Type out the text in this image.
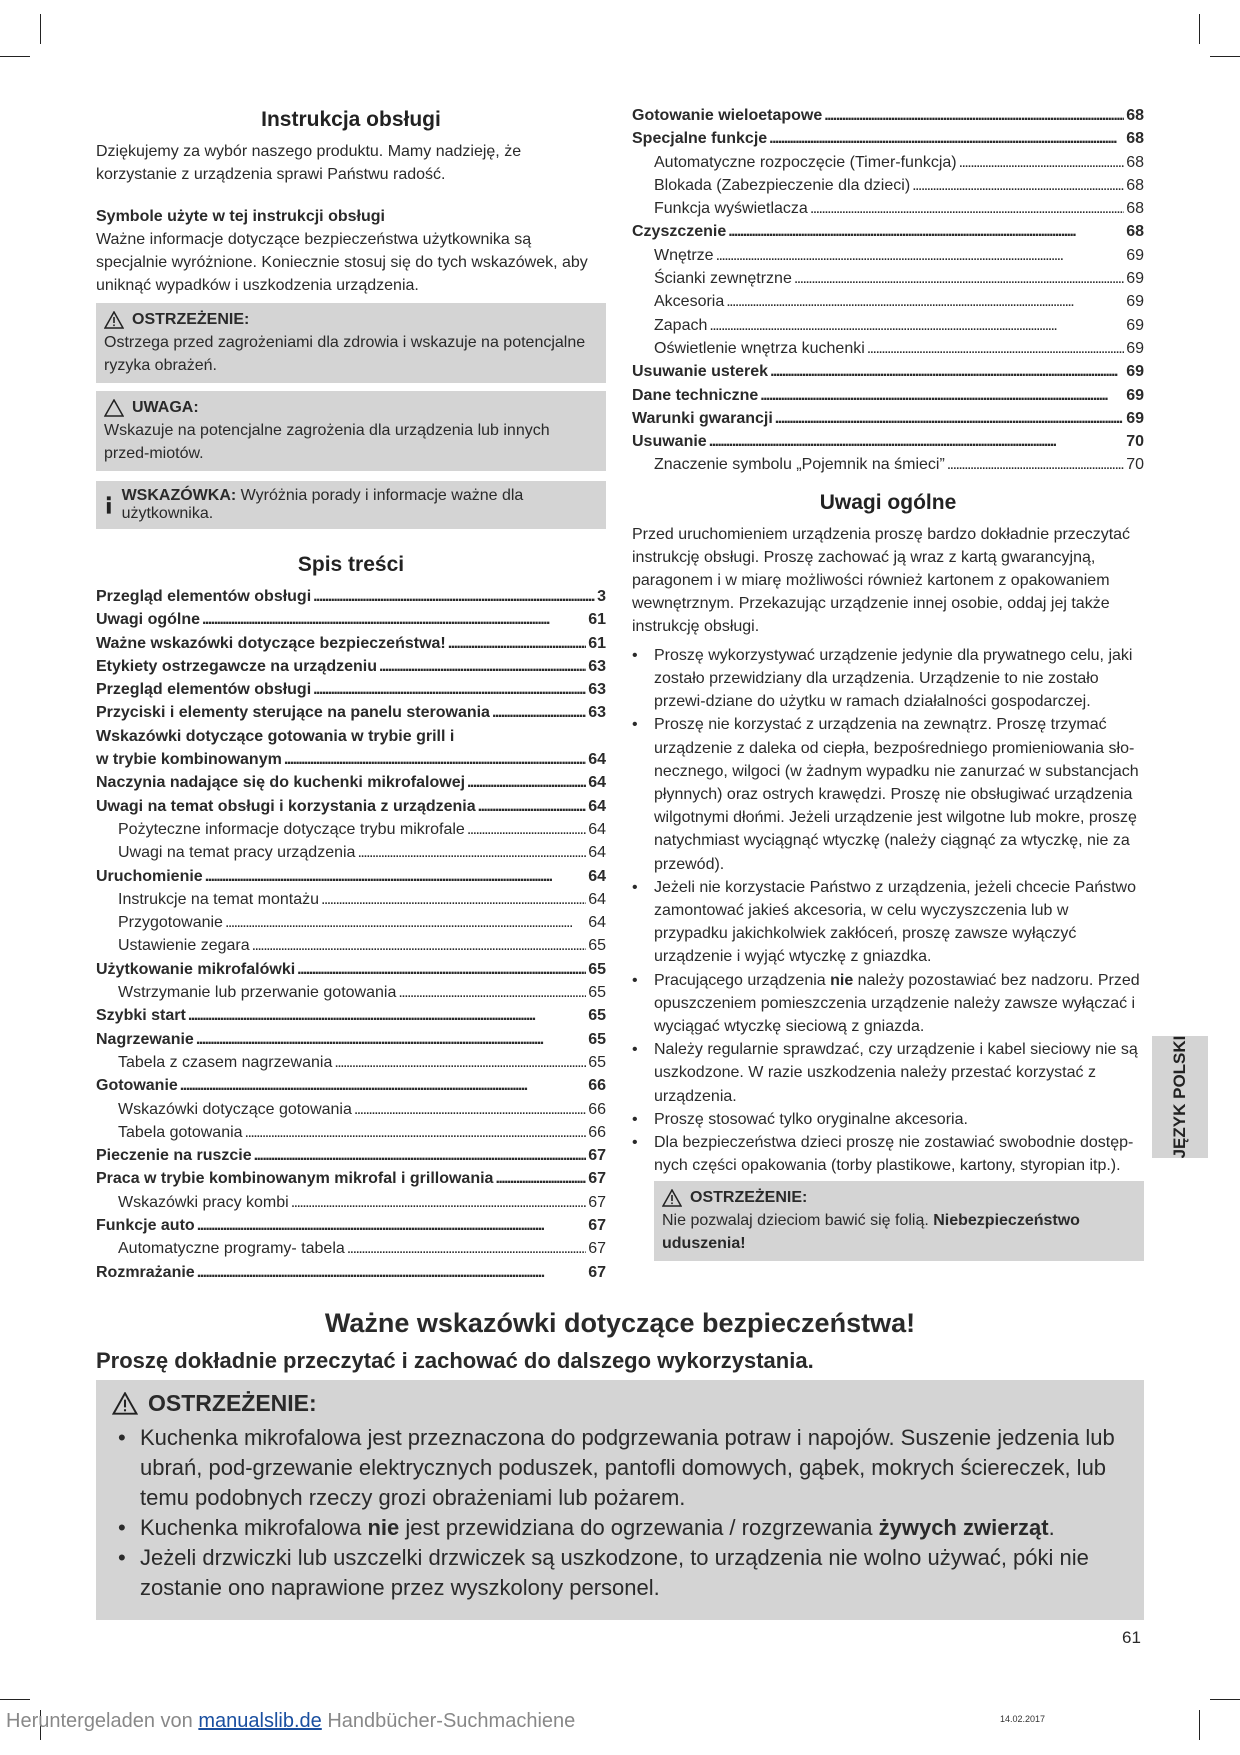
Instrukcja obsługi

Dziękujemy za wybór naszego produktu. Mamy nadzieję, że korzystanie z urządzenia sprawi Państwu radość.

Symbole użyte w tej instrukcji obsługi

Ważne informacje dotyczące bezpieczeństwa użytkownika są specjalnie wyróżnione. Koniecznie stosuj się do tych wskazówek, aby uniknąć wypadków i uszkodzenia urządzenia.

OSTRZEŻENIE:
Ostrzega przed zagrożeniami dla zdrowia i wskazuje na potencjalne ryzyka obrażeń.
UWAGA:
Wskazuje na potencjalne zagrożenia dla urządzenia lub innych przed-miotów.
WSKAZÓWKA: Wyróżnia porady i informacje ważne dla użytkownika.
Spis treści
Przegląd elementów obsługi . . .	3
Uwagi ogólne . . .	61
Ważne wskazówki dotyczące bezpieczeństwa! . . .	61
Etykiety ostrzegawcze na urządzeniu . . .	63
Przegląd elementów obsługi . . .	63
Przyciski i elementy sterujące na panelu sterowania . . .	63
Wskazówki dotyczące gotowania w trybie grill i
w trybie kombinowanym . . .	64
Naczynia nadające się do kuchenki mikrofalowej . . .	64
Uwagi na temat obsługi i korzystania z urządzenia . . .	64
Pożyteczne informacje dotyczące trybu mikrofale . . .	64
Uwagi na temat pracy urządzenia . . .	64
Uruchomienie . . .	64
Instrukcje na temat montażu . . .	64
Przygotowanie . . .	64
Ustawienie zegara . . .	65
Użytkowanie mikrofalówki . . .	65
Wstrzymanie lub przerwanie gotowania . . .	65
Szybki start . . .	65
Nagrzewanie . . .	65
Tabela z czasem nagrzewania . . .	65
Gotowanie . . .	66
Wskazówki dotyczące gotowania . . .	66
Tabela gotowania . . .	66
Pieczenie na ruszcie . . .	67
Praca w trybie kombinowanym mikrofal i grillowania . . .	67
Wskazówki pracy kombi . . .	67
Funkcje auto . . .	67
Automatyczne programy- tabela . . .	67
Rozmrażanie . . .	67
Gotowanie wieloetapowe . . .	68
Specjalne funkcje . . .	68
Automatyczne rozpoczęcie (Timer-funkcja) . . .	68
Blokada (Zabezpieczenie dla dzieci) . . .	68
Funkcja wyświetlacza . . .	68
Czyszczenie . . .	68
Wnętrze . . .	69
Ścianki zewnętrzne . . .	69
Akcesoria . . .	69
Zapach . . .	69
Oświetlenie wnętrza kuchenki . . .	69
Usuwanie usterek . . .	69
Dane techniczne . . .	69
Warunki gwarancji . . .	69
Usuwanie . . .	70
Znaczenie symbolu „Pojemnik na śmieci” . . .	70
Uwagi ogólne

Przed uruchomieniem urządzenia proszę bardzo dokładnie przeczytać instrukcję obsługi. Proszę zachować ją wraz z kartą gwarancyjną, paragonem i w miarę możliwości również kartonem z opakowaniem wewnętrznym. Przekazując urządzenie innej osobie, oddaj jej także instrukcję obsługi.

• Proszę wykorzystywać urządzenie jedynie dla prywatnego celu, jaki zostało przewidziany dla urządzenia. Urządzenie to nie zostało przewi-dziane do użytku w ramach działalności gospodarczej.
• Proszę nie korzystać z urządzenia na zewnątrz. Proszę trzymać urządzenie z daleka od ciepła, bezpośredniego promieniowania sło-necznego, wilgoci (w żadnym wypadku nie zanurzać w substancjach płynnych) oraz ostrych krawędzi. Proszę nie obsługiwać urządzenia wilgotnymi dłońmi. Jeżeli urządzenie jest wilgotne lub mokre, proszę natychmiast wyciągnąć wtyczkę (należy ciągnąć za wtyczkę, nie za przewód).
• Jeżeli nie korzystacie Państwo z urządzenia, jeżeli chcecie Państwo zamontować jakieś akcesoria, w celu wyczyszczenia lub w przypadku jakichkolwiek zakłóceń, proszę zawsze wyłączyć urządzenie i wyjąć wtyczkę z gniazdka.
• Pracującego urządzenia nie należy pozostawiać bez nadzoru. Przed opuszczeniem pomieszczenia urządzenie należy zawsze wyłączać i wyciągać wtyczkę sieciową z gniazda.
• Należy regularnie sprawdzać, czy urządzenie i kabel sieciowy nie są uszkodzone. W razie uszkodzenia należy przestać korzystać z urządzenia.
• Proszę stosować tylko oryginalne akcesoria.
• Dla bezpieczeństwa dzieci proszę nie zostawiać swobodnie dostęp-nych części opakowania (torby plastikowe, kartony, styropian itp.).
OSTRZEŻENIE:
Nie pozwalaj dzieciom bawić się folią. Niebezpieczeństwo uduszenia!
Ważne wskazówki dotyczące bezpieczeństwa!
Proszę dokładnie przeczytać i zachować do dalszego wykorzystania.
OSTRZEŻENIE:
• Kuchenka mikrofalowa jest przeznaczona do podgrzewania potraw i napojów. Suszenie jedzenia lub ubrań, pod-grzewanie elektrycznych poduszek, pantofli domowych, gąbek, mokrych ściereczek, lub temu podobnych rzeczy grozi obrażeniami lub pożarem.
• Kuchenka mikrofalowa nie jest przewidziana do ogrzewania / rozgrzewania żywych zwierząt.
• Jeżeli drzwiczki lub uszczelki drzwiczek są uszkodzone, to urządzenia nie wolno używać, póki nie zostanie ono naprawione przez wyszkolony personel.
JĘZYK POLSKI
61
Heruntergeladen von manualslib.de Handbücher-Suchmachiene	14.02.2017
